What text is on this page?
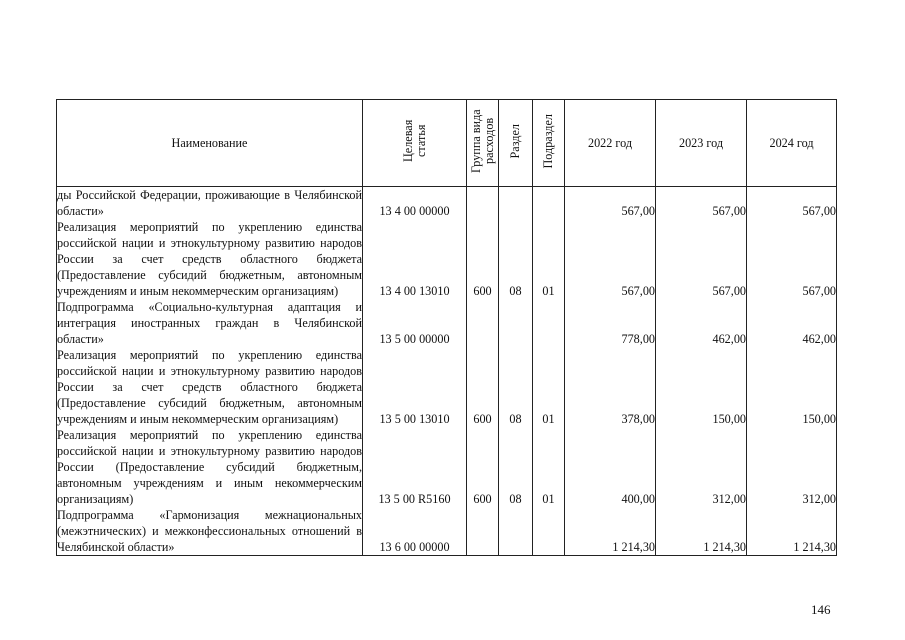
Наименование	Целевая статья	Группа вида расходов	Раздел	Подраздел	2022 год	2023 год	2024 год
ды Российской Федерации, проживающие в Челябинской области»	13 4 00 00000				567,00	567,00	567,00
Реализация мероприятий по укреплению единства российской нации и этнокультурному развитию народов России за счет средств областного бюджета (Предоставление субсидий бюджетным, автономным учреждениям и иным некоммерческим организациям)	13 4 00 13010	600	08	01	567,00	567,00	567,00
Подпрограмма «Социально-культурная адаптация и интеграция иностранных граждан в Челябинской области»	13 5 00 00000				778,00	462,00	462,00
Реализация мероприятий по укреплению единства российской нации и этнокультурному развитию народов России за счет средств областного бюджета (Предоставление субсидий бюджетным, автономным учреждениям и иным некоммерческим организациям)	13 5 00 13010	600	08	01	378,00	150,00	150,00
Реализация мероприятий по укреплению единства российской нации и этнокультурному развитию народов России (Предоставление субсидий бюджетным, автономным учреждениям и иным некоммерческим организациям)	13 5 00 R5160	600	08	01	400,00	312,00	312,00
Подпрограмма «Гармонизация межнациональных (межэтнических) и межконфессиональных отношений в Челябинской области»	13 6 00 00000				1 214,30	1 214,30	1 214,30
146
